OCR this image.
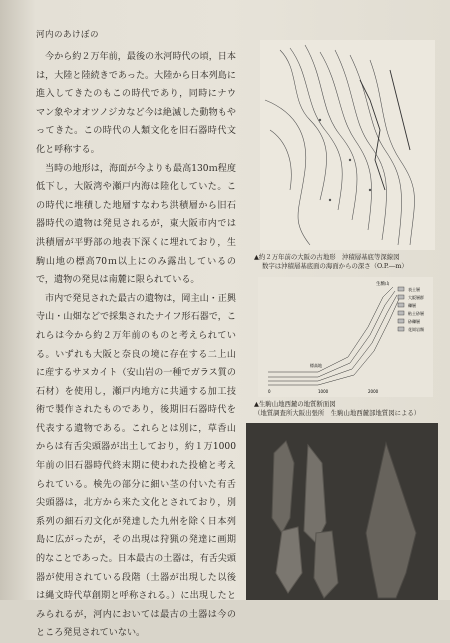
河内のあけぼの

今から約２万年前，最後の氷河時代の頃，日本は，大陸と陸続きであった。大陸から日本列島に進入してきたのもこの時代であり，同時にナウマン象やオオツノジカなど今は絶滅した動物もやってきた。この時代の人類文化を旧石器時代文化と呼称する。

当時の地形は，海面が今よりも最高130ｍ程度低下し，大阪湾や瀬戸内海は陸化していた。この時代に堆積した地層すなわち洪積層から旧石器時代の遺物は発見されるが，東大阪市内では洪積層が平野部の地表下深くに埋れており，生駒山地の標高70ｍ以上にのみ露出しているので，遺物の発見は南麓に限られている。

市内で発見された最古の遺物は，岡主山・正興寺山・山畑などで採集されたナイフ形石器で，これらは今から約２万年前のものと考えられている。いずれも大阪と奈良の境に存在する二上山に産するサヌカイト（安山岩の一種でガラス質の石材）を使用し，瀬戸内地方に共通する加工技術で製作されたものであり，後期旧石器時代を代表する遺物である。これらとは別に，草香山からは有舌尖頭器が出土しており，約１万1000年前の旧石器時代終末期に使われた投槍と考えられている。検先の部分に細い茎の付いた有舌尖頭器は，北方から来た文化とされており，別系列の細石刃文化が発達した九州を除く日本列島に広がったが，その出現は狩猟の発達に画期的なことであった。日本最古の土器は，有舌尖頭器が使用されている段階（土器が出現した以後は縄文時代草創期と呼称される。）に出現したとみられるが，河内においては最古の土器は今のところ発見されていない。

▲約２万年前の大阪の古地形　沖積層基底等深線図
数字は沖積層基底面の海面からの深さ（O.P.―m）
表土層
大阪層群
礫層
粘土砂層
砂礫層
花崗岩類
生駒山
標高地
0	1000	2000
▲生駒山地西麓の地質断面図
（地質調査所大阪出張所　生駒山地西麓部地質図による）
